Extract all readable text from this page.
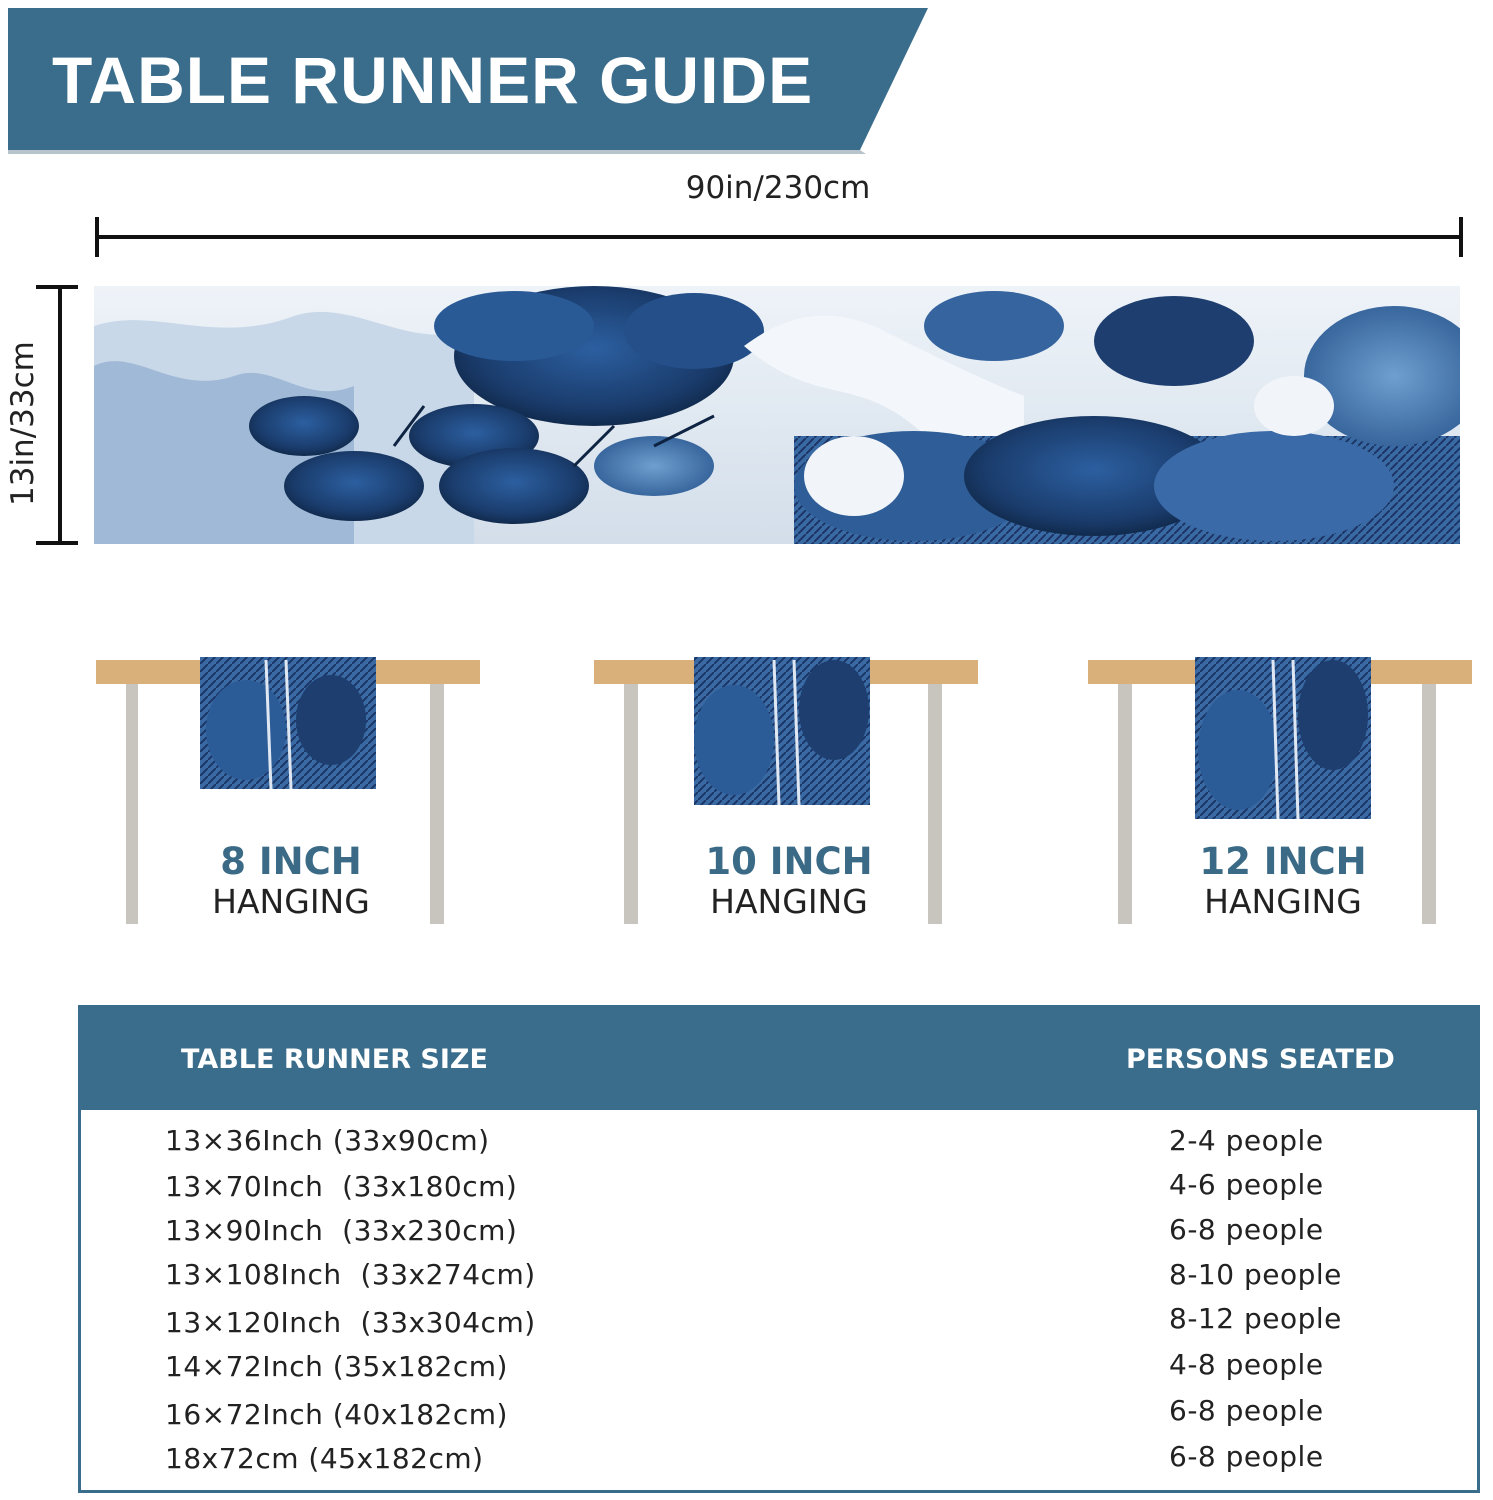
TABLE RUNNER GUIDE
90in/230cm
13in/33cm
8 INCH
HANGING
10 INCH
HANGING
12 INCH
HANGING
TABLE RUNNER SIZE	PERSONS SEATED
13×36Inch (33x90cm)	2-4 people
13×70Inch  (33x180cm)	4-6 people
13×90Inch  (33x230cm)	6-8 people
13×108Inch  (33x274cm)	8-10 people
13×120Inch  (33x304cm)	8-12 people
14×72Inch (35x182cm)	4-8 people
16×72Inch (40x182cm)	6-8 people
18x72cm (45x182cm)	6-8 people
